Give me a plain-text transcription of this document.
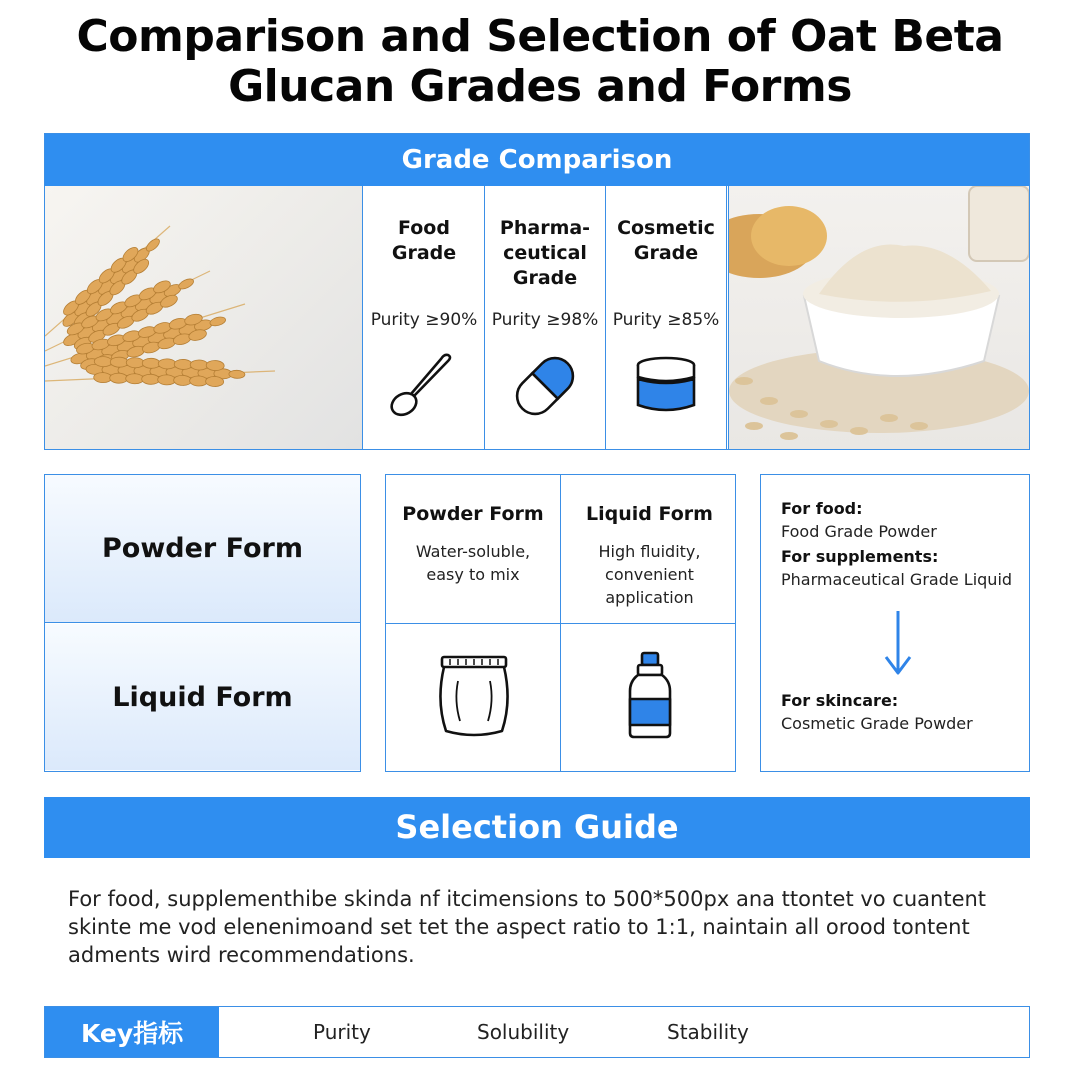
Comparison and Selection of Oat Beta
Glucan Grades and Forms
Grade Comparison
Food
Grade
Purity ≥90%
Pharma-
ceutical
Grade
Purity ≥98%
Cosmetic
Grade
Purity ≥85%
Powder Form
Liquid Form
Powder Form
Water-soluble,
easy to mix
Liquid Form
High fluidity,
convenient
application
For food:
Food Grade Powder
For supplements:
Pharmaceutical Grade Liquid
For skincare:
Cosmetic Grade Powder
Selection Guide
For food, supplementhibe skinda nf itcimensions to 500*500px ana ttontet vo cuantent
skinte me vod elenenimoand set tet the aspect ratio to 1:1, naintain all orood tontent
adments wird recommendations.
Key指标	Purity	Solubility	Stability
